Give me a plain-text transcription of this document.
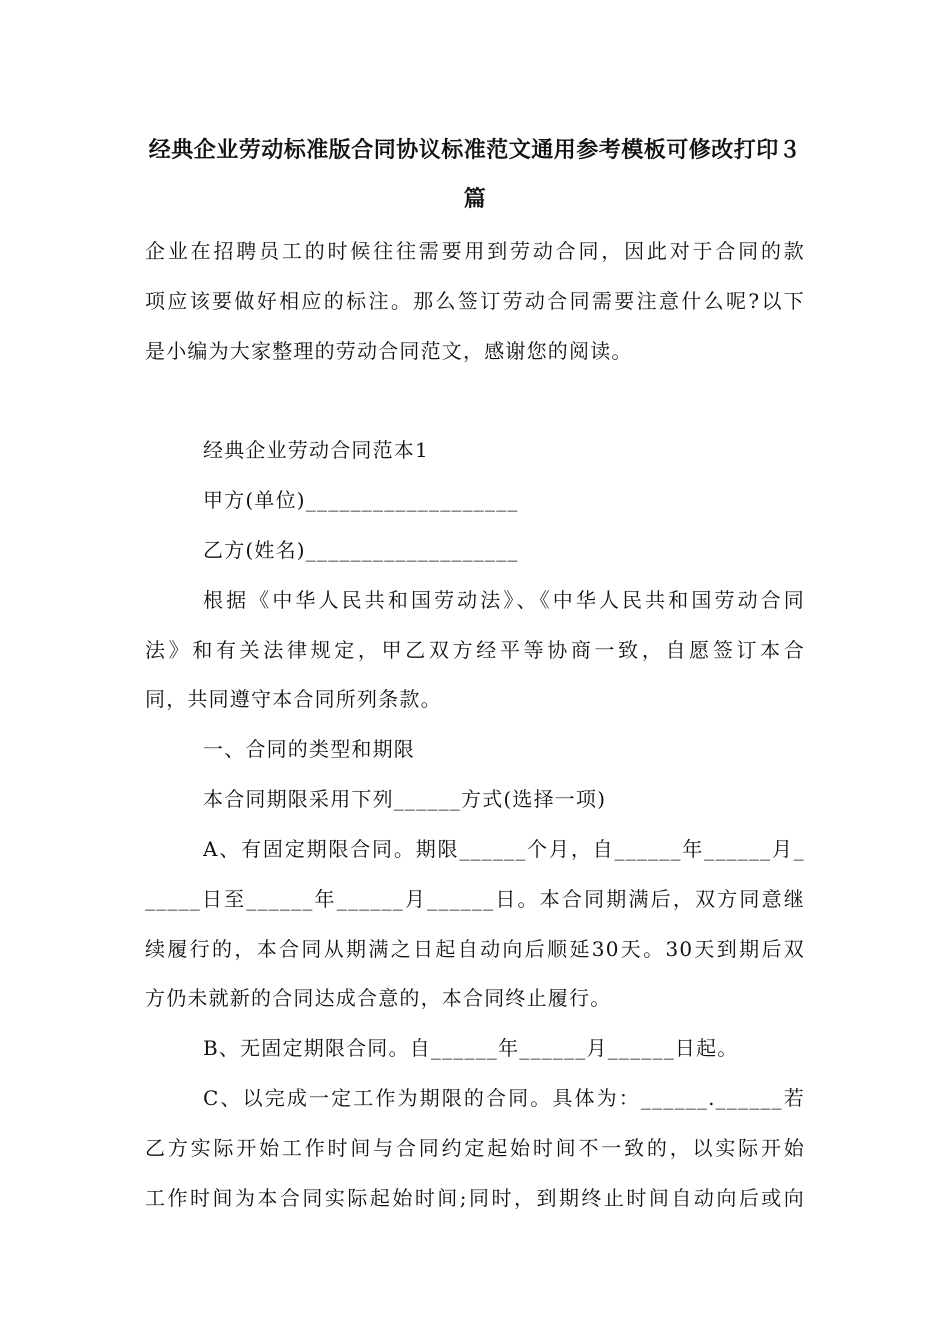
经典企业劳动标准版合同协议标准范文通用参考模板可修改打印３
篇
企业在招聘员工的时候往往需要用到劳动合同，因此对于合同的款
项应该要做好相应的标注。那么签订劳动合同需要注意什么呢?以下
是小编为大家整理的劳动合同范文，感谢您的阅读。
经典企业劳动合同范本1
甲方(单位)___________________
乙方(姓名)___________________
根据《中华人民共和国劳动法》、《中华人民共和国劳动合同
法》和有关法律规定，甲乙双方经平等协商一致，自愿签订本合
同，共同遵守本合同所列条款。
一、合同的类型和期限
本合同期限采用下列______方式(选择一项)
A、有固定期限合同。期限______个月，自______年______月_
_____日至______年______月______日。本合同期满后，双方同意继
续履行的，本合同从期满之日起自动向后顺延30天。30天到期后双
方仍未就新的合同达成合意的，本合同终止履行。
B、无固定期限合同。自______年______月______日起。
C、以完成一定工作为期限的合同。具体为：______.______若
乙方实际开始工作时间与合同约定起始时间不一致的，以实际开始
工作时间为本合同实际起始时间;同时，到期终止时间自动向后或向
